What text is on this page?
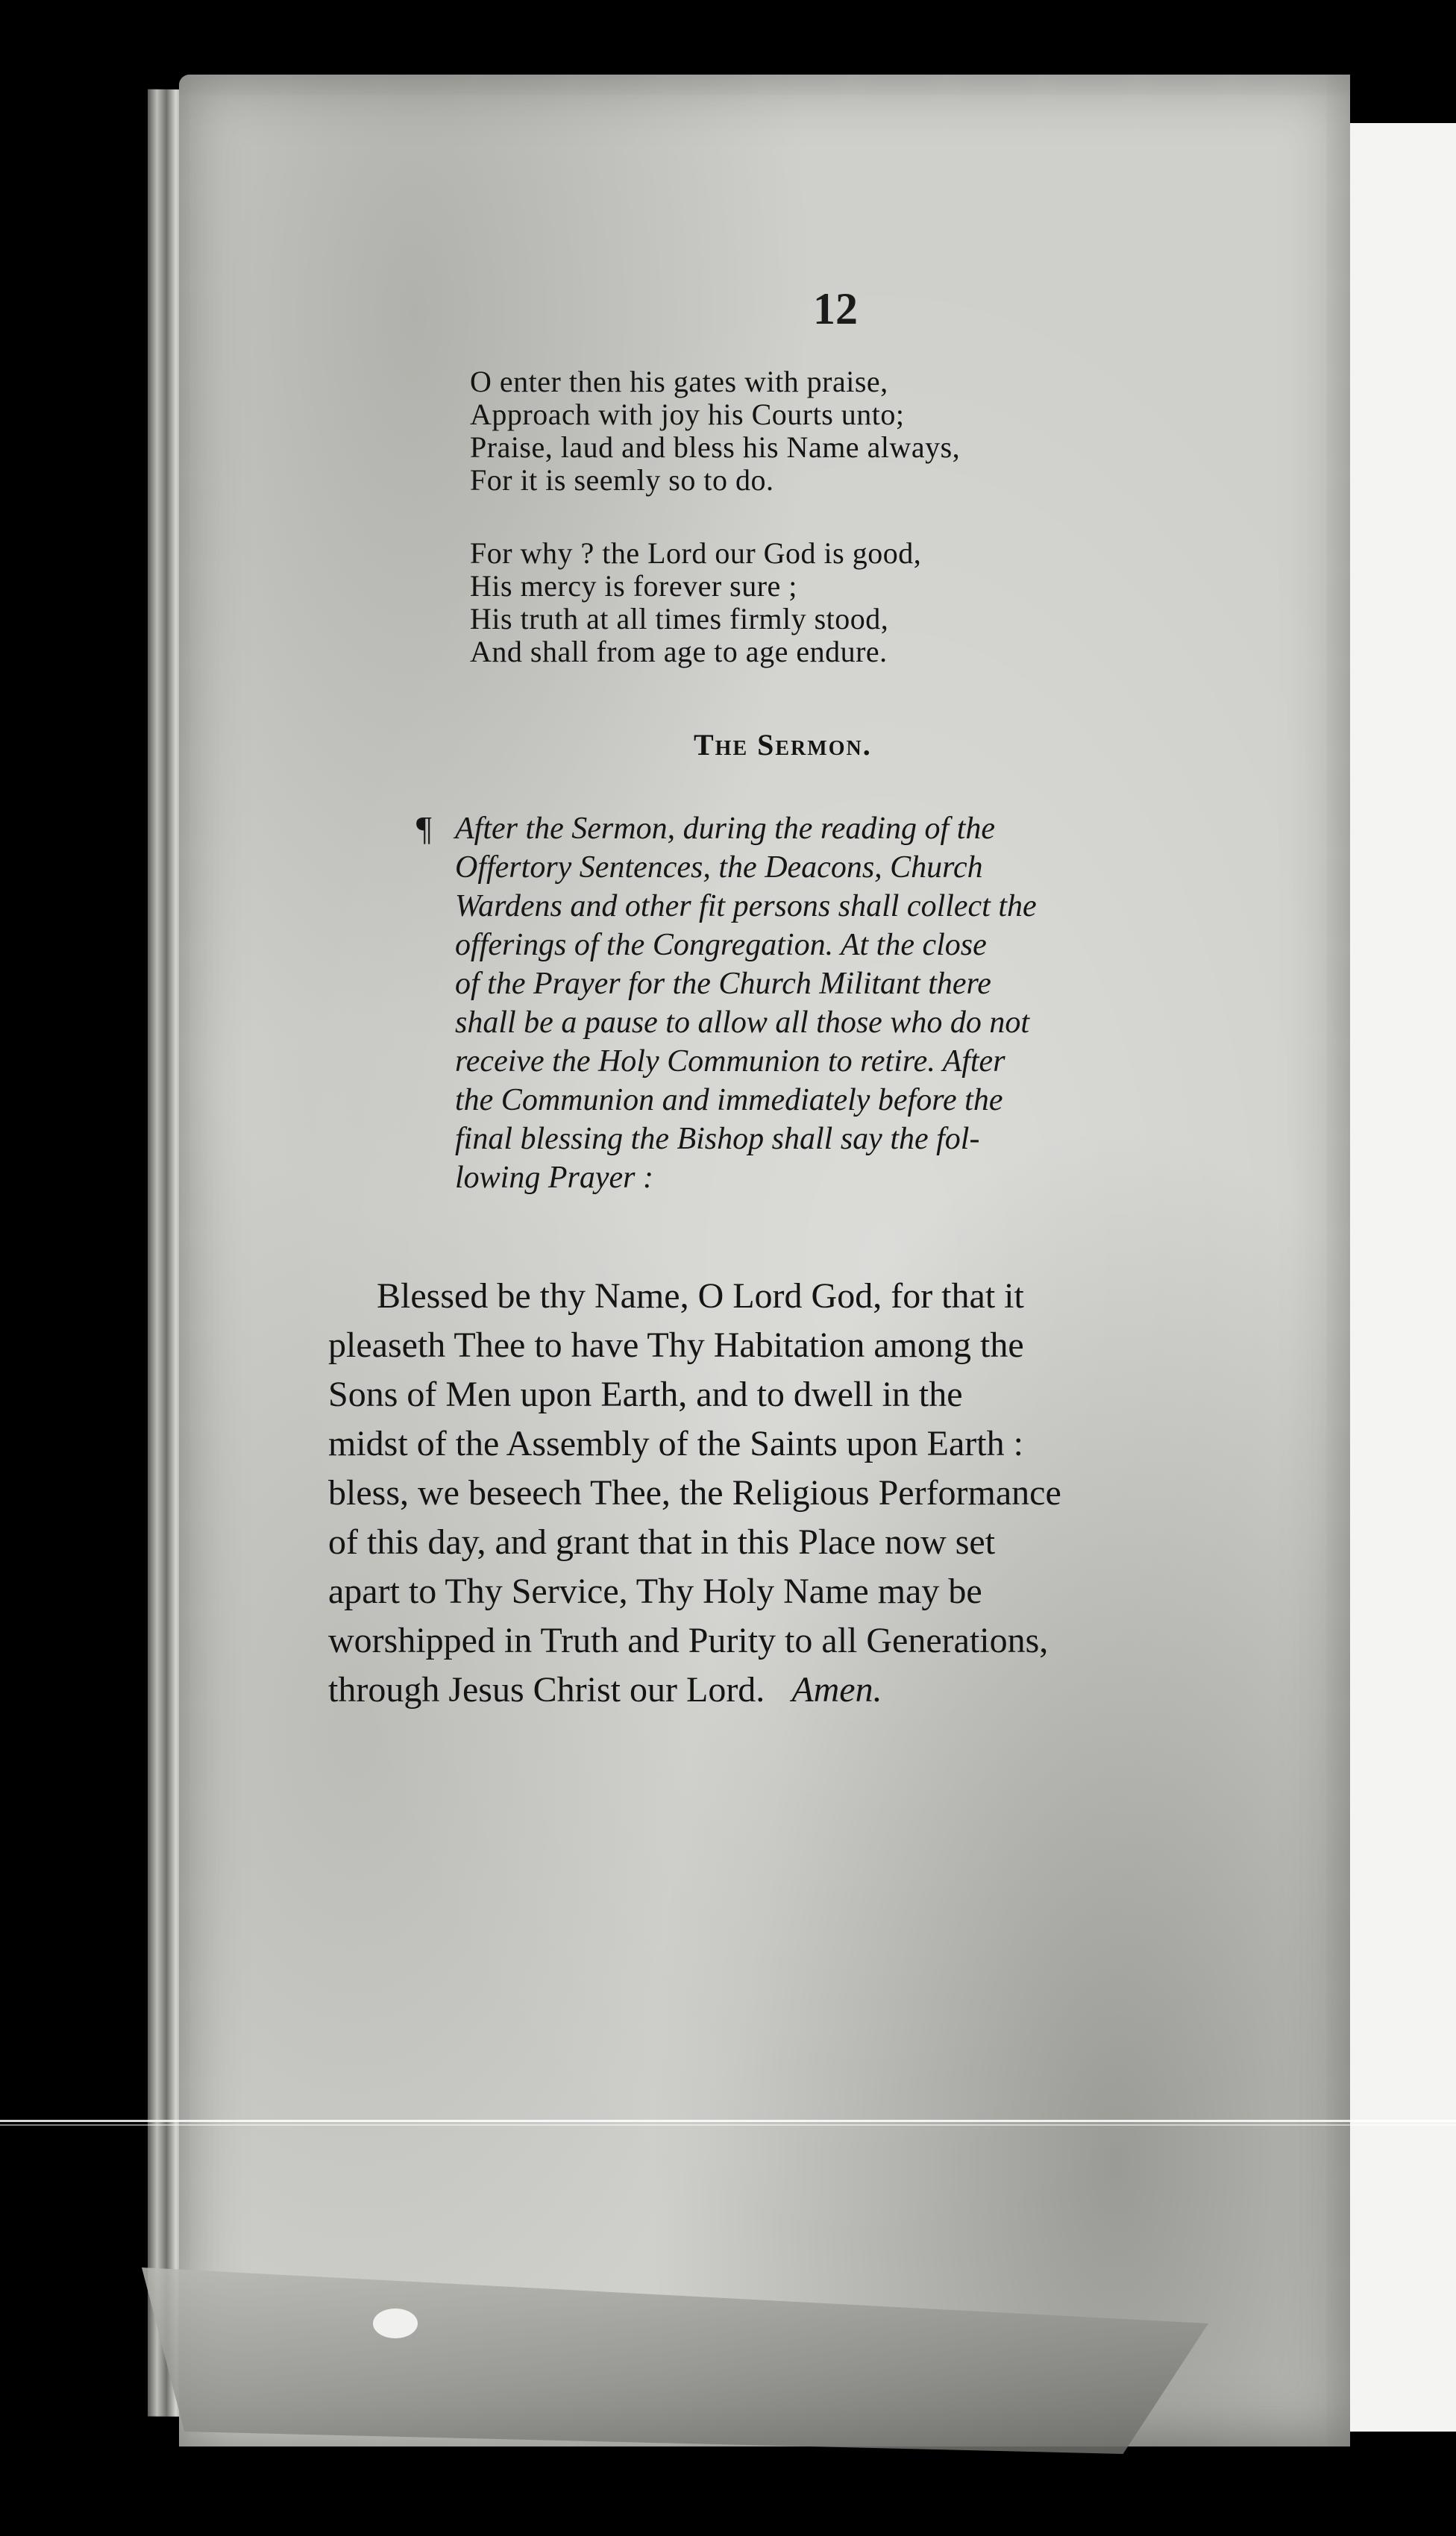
12
O enter then his gates with praise,
Approach with joy his Courts unto;
Praise, laud and bless his Name always,
For it is seemly so to do.
For why ? the Lord our God is good,
His mercy is forever sure ;
His truth at all times firmly stood,
And shall from age to age endure.
The Sermon.
¶ After the Sermon, during the reading of the
Offertory Sentences, the Deacons, Church
Wardens and other fit persons shall collect the
offerings of the Congregation. At the close
of the Prayer for the Church Militant there
shall be a pause to allow all those who do not
receive the Holy Communion to retire. After
the Communion and immediately before the
final blessing the Bishop shall say the fol-
lowing Prayer :
Blessed be thy Name, O Lord God, for that it
pleaseth Thee to have Thy Habitation among the
Sons of Men upon Earth, and to dwell in the
midst of the Assembly of the Saints upon Earth :
bless, we beseech Thee, the Religious Performance
of this day, and grant that in this Place now set
apart to Thy Service, Thy Holy Name may be
worshipped in Truth and Purity to all Generations,
through Jesus Christ our Lord. Amen.
